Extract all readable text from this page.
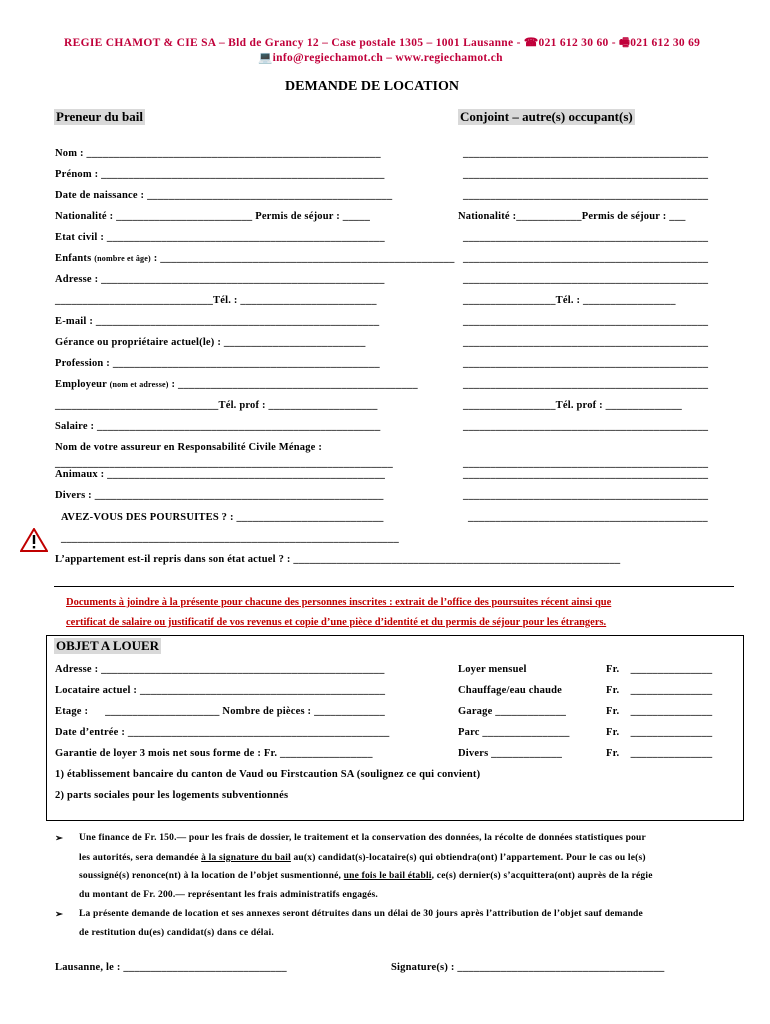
REGIE CHAMOT & CIE SA – Bld de Grancy 12 – Case postale 1305 – 1001 Lausanne - ☎021 612 30 60 - 🖷021 612 30 69
💻info@regiechamot.ch – www.regiechamot.ch
DEMANDE DE LOCATION
Preneur du bail	Conjoint – autre(s) occupant(s)
Nom : ______________________________________________________
Prénom : ____________________________________________________
Date de naissance : _____________________________________________
Nationalité : _________________________ Permis de séjour : _____
Etat civil : ___________________________________________________
Enfants (nombre et âge) : ______________________________________________________
Adresse : ____________________________________________________
_____________________________Tél. : _________________________
E-mail : ____________________________________________________
Gérance ou propriétaire actuel(le) : __________________________
Profession : _________________________________________________
Employeur (nom et adresse) : ____________________________________________
______________________________Tél. prof : ____________________
Salaire : ____________________________________________________
Nom de votre assureur en Responsabilité Civile Ménage :
______________________________________________________________
Animaux : ___________________________________________________
Divers : _____________________________________________________
AVEZ-VOUS DES POURSUITES ? : ___________________________
______________________________________________________________
L’appartement est-il repris dans son état actuel ? : ____________________________________________________________
_____________________________________________
_____________________________________________
_____________________________________________
Nationalité :____________Permis de séjour : ___
_____________________________________________
_____________________________________________
_____________________________________________
_________________Tél. : _________________
_____________________________________________
_____________________________________________
_____________________________________________
_____________________________________________
_________________Tél. prof : ______________
_____________________________________________
_____________________________________________
_____________________________________________
_____________________________________________
____________________________________________
Documents à joindre à la présente pour chacune des personnes inscrites : extrait de l’office des poursuites récent ainsi que
certificat de salaire ou justificatif de vos revenus et copie d’une pièce d’identité et du permis de séjour pour les étrangers.
OBJET A LOUER
Adresse : ____________________________________________________
Locataire actuel : _____________________________________________
Etage :      _____________________ Nombre de pièces : _____________
Date d’entrée : ________________________________________________
Garantie de loyer 3 mois net sous forme de : Fr. _________________
1) établissement bancaire du canton de Vaud ou Firstcaution SA (soulignez ce qui convient)
2) parts sociales pour les logements subventionnés
Loyer mensuel
Chauffage/eau chaude
Garage _____________
Parc ________________
Divers _____________
Fr.    _______________
Fr.    _______________
Fr.    _______________
Fr.    _______________
Fr.    _______________
➢ Une finance de Fr. 150.— pour les frais de dossier, le traitement et la conservation des données, la récolte de données statistiques pour
les autorités, sera demandée à la signature du bail au(x) candidat(s)-locataire(s) qui obtiendra(ont) l’appartement. Pour le cas ou le(s)
soussigné(s) renonce(nt) à la location de l’objet susmentionné, une fois le bail établi, ce(s) dernier(s) s’acquittera(ont) auprès de la régie
du montant de Fr. 200.— représentant les frais administratifs engagés.
➢ La présente demande de location et ses annexes seront détruites dans un délai de 30 jours après l’attribution de l’objet sauf demande
de restitution du(es) candidat(s) dans ce délai.
Lausanne, le : ______________________________	Signature(s) : ______________________________________
